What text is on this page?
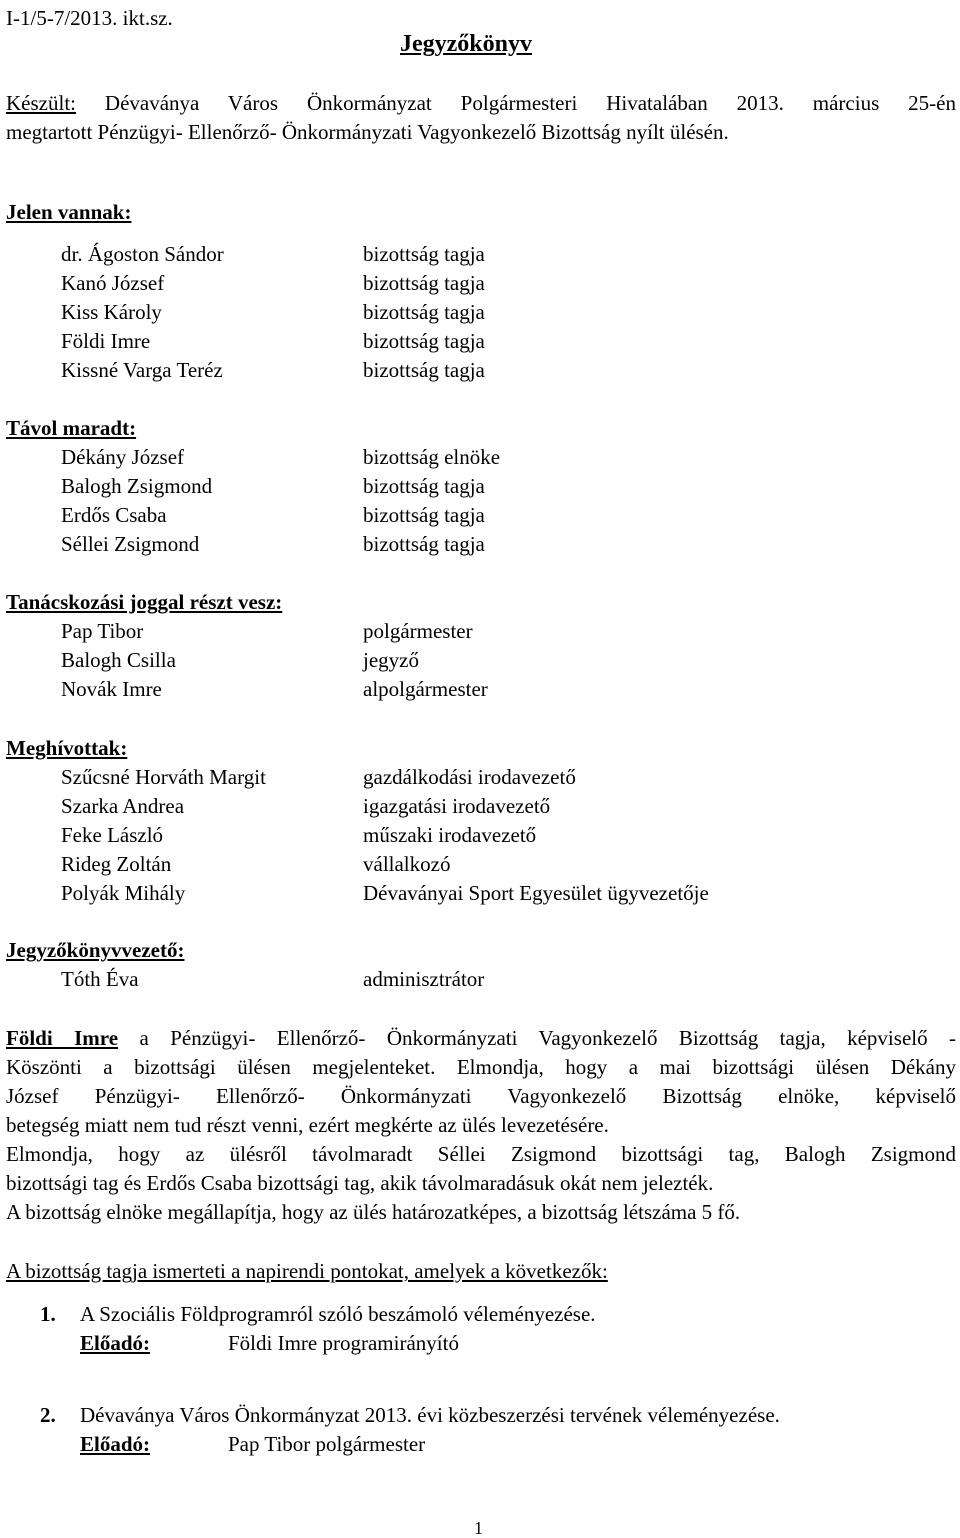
I-1/5-7/2013. ikt.sz.
Jegyzőkönyv
Készült: Dévaványa Város Önkormányzat Polgármesteri Hivatalában 2013. március 25-én
megtartott Pénzügyi- Ellenőrző- Önkormányzati Vagyonkezelő Bizottság nyílt ülésén.
Jelen vannak:
dr. Ágoston Sándor	bizottság tagja
Kanó József	bizottság tagja
Kiss Károly	bizottság tagja
Földi Imre	bizottság tagja
Kissné Varga Teréz	bizottság tagja
Távol maradt:
Dékány József	bizottság elnöke
Balogh Zsigmond	bizottság tagja
Erdős Csaba	bizottság tagja
Séllei Zsigmond	bizottság tagja
Tanácskozási joggal részt vesz:
Pap Tibor	polgármester
Balogh Csilla	jegyző
Novák Imre	alpolgármester
Meghívottak:
Szűcsné Horváth Margit	gazdálkodási irodavezető
Szarka Andrea	igazgatási irodavezető
Feke László	műszaki irodavezető
Rideg Zoltán	vállalkozó
Polyák Mihály	Dévaványai Sport Egyesület ügyvezetője
Jegyzőkönyvvezető:
Tóth Éva	adminisztrátor
Földi Imre a Pénzügyi- Ellenőrző- Önkormányzati Vagyonkezelő Bizottság tagja, képviselő -
Köszönti a bizottsági ülésen megjelenteket. Elmondja, hogy a mai bizottsági ülésen Dékány
József Pénzügyi- Ellenőrző- Önkormányzati Vagyonkezelő Bizottság elnöke, képviselő
betegség miatt nem tud részt venni, ezért megkérte az ülés levezetésére.
Elmondja, hogy az ülésről távolmaradt Séllei Zsigmond bizottsági tag, Balogh Zsigmond
bizottsági tag és Erdős Csaba bizottsági tag, akik távolmaradásuk okát nem jelezték.
A bizottság elnöke megállapítja, hogy az ülés határozatképes, a bizottság létszáma 5 fő.
A bizottság tagja ismerteti a napirendi pontokat, amelyek a következők:
1. A Szociális Földprogramról szóló beszámoló véleményezése.
Előadó:	Földi Imre programirányító
2. Dévaványa Város Önkormányzat 2013. évi közbeszerzési tervének véleményezése.
Előadó:	Pap Tibor polgármester
1
